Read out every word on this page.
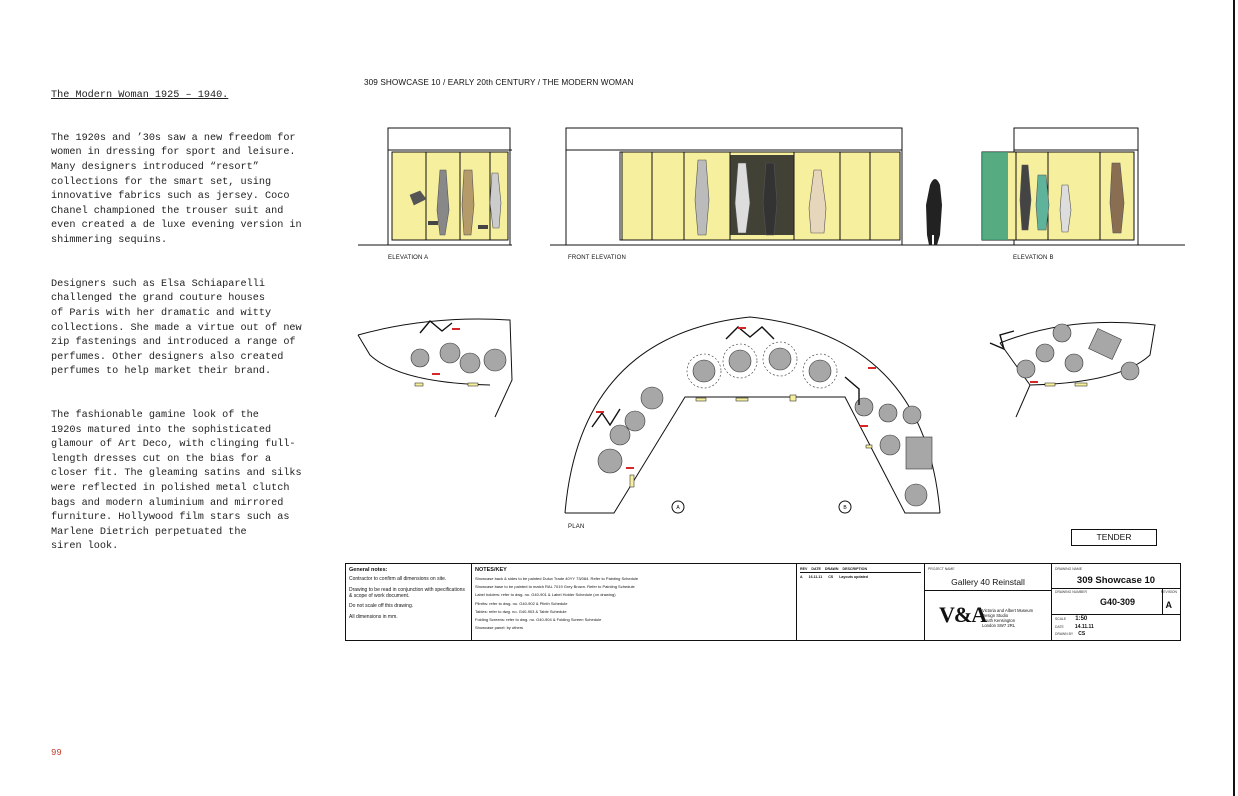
The Modern Woman 1925 – 1940.

The 1920s and ’30s saw a new freedom for
women in dressing for sport and leisure.
Many designers introduced “resort”
collections for the smart set, using
innovative fabrics such as jersey. Coco
Chanel championed the trouser suit and
even created a de luxe evening version in
shimmering sequins.

Designers such as Elsa Schiaparelli
challenged the grand couture houses
of Paris with her dramatic and witty
collections. She made a virtue out of new
zip fastenings and introduced a range of
perfumes. Other designers also created
perfumes to help market their brand.

The fashionable gamine look of the
1920s matured into the sophisticated
glamour of Art Deco, with clinging full-
length dresses cut on the bias for a
closer fit. The gleaming satins and silks
were reflected in polished metal clutch
bags and modern aluminium and mirrored
furniture. Hollywood film stars such as
Marlene Dietrich perpetuated the
siren look.

99
309 SHOWCASE 10 / EARLY 20th CENTURY / THE MODERN WOMAN
A	B
ELEVATION A	FRONT ELEVATION	ELEVATION B
PLAN
TENDER
General notes:
Contractor to confirm all dimensions on site.
Drawing to be read in conjunction with specifications & scope of work document.
Do not scale off this drawing.
All dimensions in mm.
NOTES/KEY
Showcase back & sides to be painted Dulux Trade 40YY 73/084. Refer to Painting Schedule
Showcase base to be painted to match RAL 7019 Grey Brown. Refer to Painting Schedule
Label holders: refer to dwg. no. G40-901 & Label Holder Schedule (on drawing)
Plinths: refer to dwg. no. G40-902 & Plinth Schedule
Tables: refer to dwg. no. G40-903 & Table Schedule
Folding Screens: refer to dwg. no. G40-904 & Folding Screen Schedule
Showcase panel: by others
REV DATE DRAWN DESCRIPTION
A 16.11.11 CS Layouts updated
PROJECT NAME
Gallery 40 Reinstall
V&A
Victoria and Albert Museum
Design Studio
South Kensington
London SW7 2RL
DRAWING NAME
309 Showcase 10
DRAWING NUMBER	REVISION
G40-309	A
SCALE 1:50
DATE 14.11.11
DRAWN BY CS
